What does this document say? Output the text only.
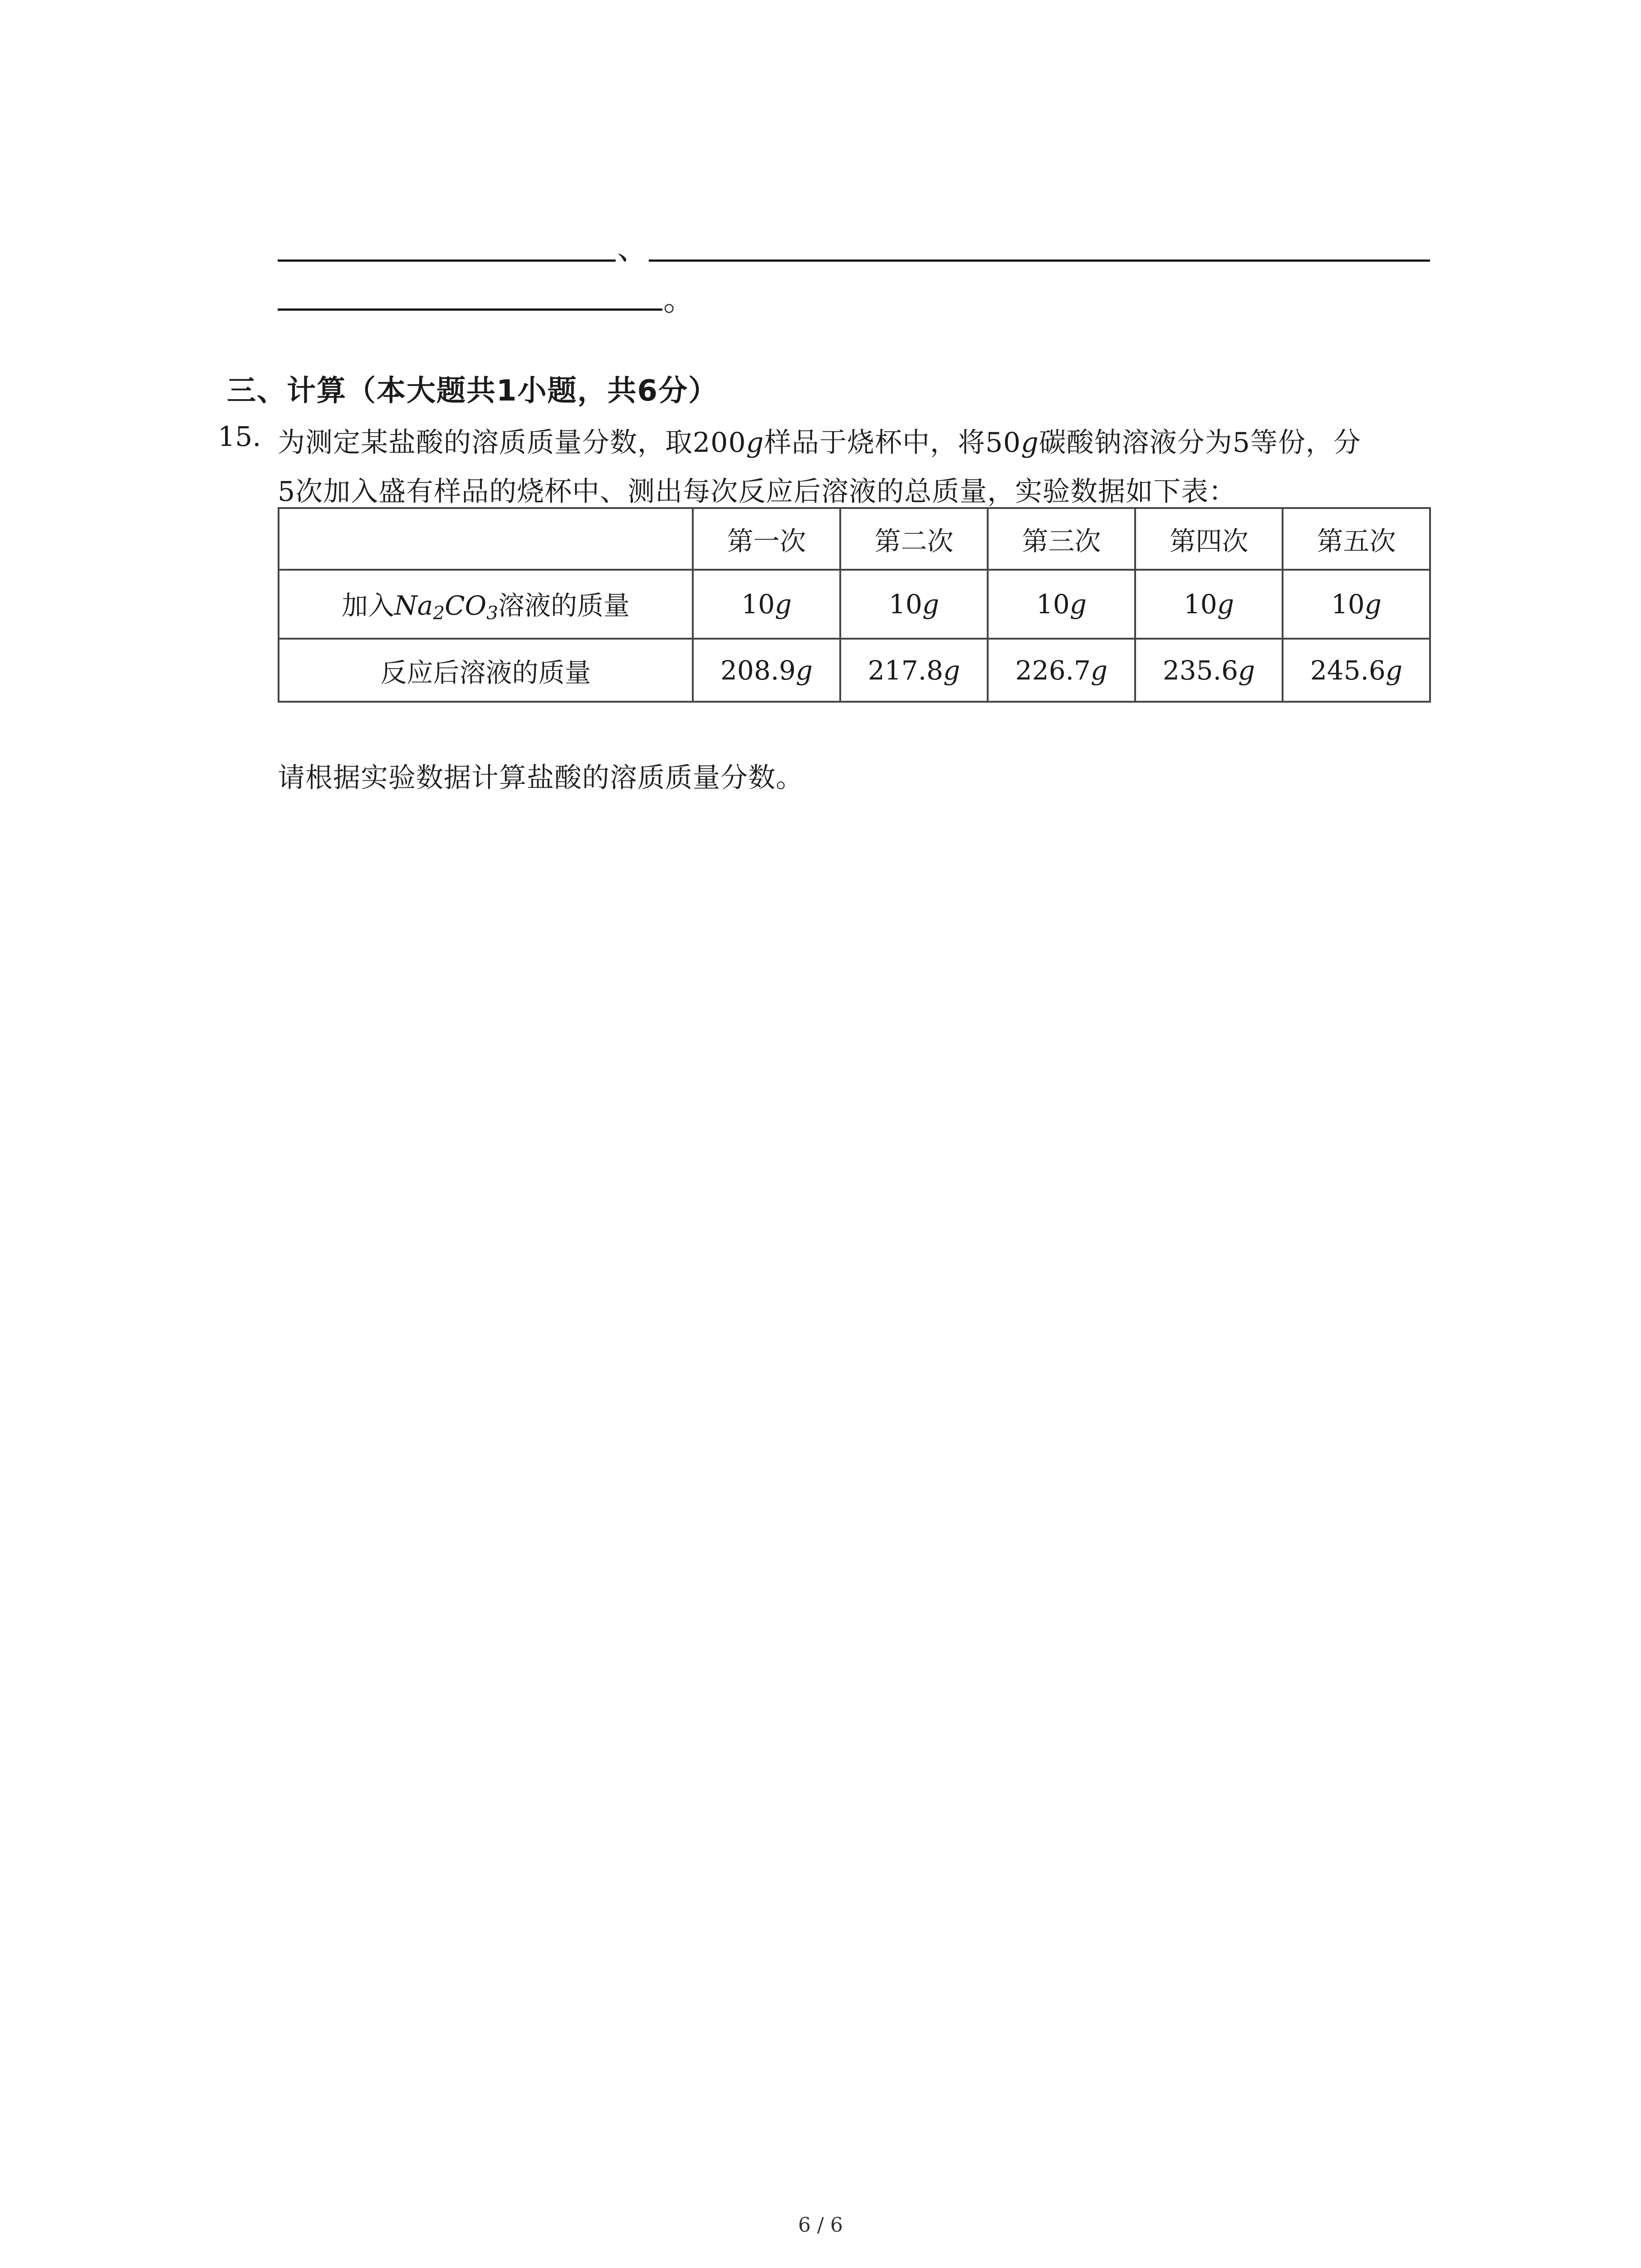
、
。
三、计算（本大题共1小题，共6分）
15. 为测定某盐酸的溶质质量分数，取200g样品于烧杯中，将50g碳酸钠溶液分为5等份，分
5次加入盛有样品的烧杯中、测出每次反应后溶液的总质量，实验数据如下表：
	第一次	第二次	第三次	第四次	第五次
加入$Na_2CO_3$溶液的质量	10g	10g	10g	10g	10g
反应后溶液的质量	208.9g	217.8g	226.7g	235.6g	245.6g
请根据实验数据计算盐酸的溶质质量分数。
6 / 6
